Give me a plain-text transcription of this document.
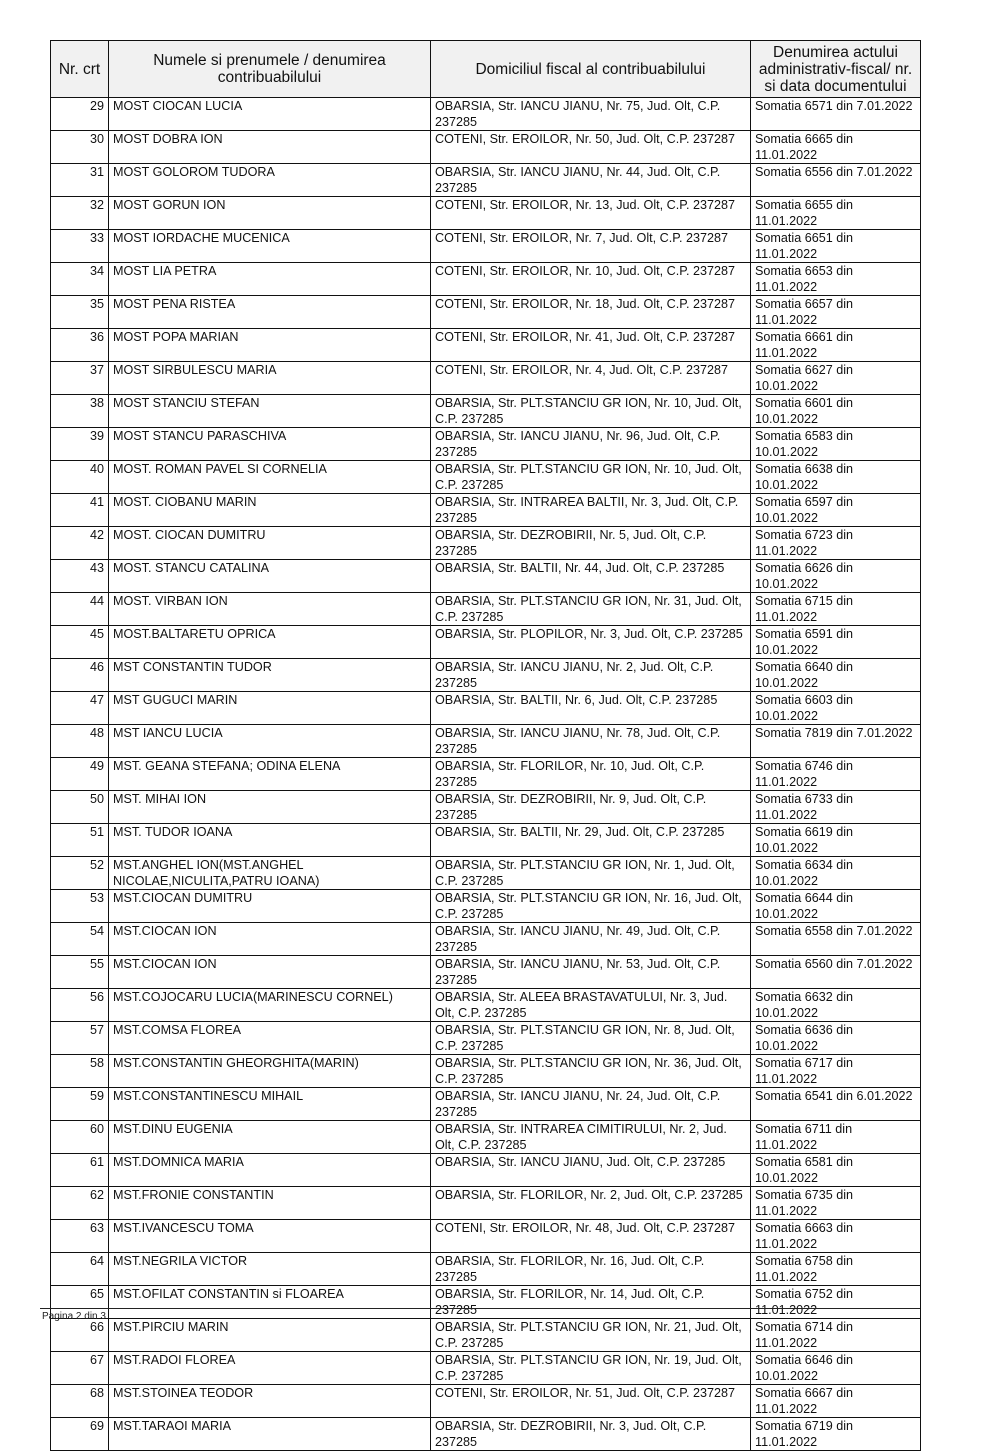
Nr. crt	Numele si prenumele / denumirea contribuabilului	Domiciliul fiscal al contribuabilului	Denumirea actului administrativ-fiscal/ nr. si data documentului
29	MOST CIOCAN LUCIA	OBARSIA, Str. IANCU JIANU, Nr. 75, Jud. Olt, C.P. 237285	Somatia 6571 din 7.01.2022
30	MOST DOBRA ION	COTENI, Str. EROILOR, Nr. 50, Jud. Olt, C.P. 237287	Somatia 6665 din 11.01.2022
31	MOST GOLOROM TUDORA	OBARSIA, Str. IANCU JIANU, Nr. 44, Jud. Olt, C.P. 237285	Somatia 6556 din 7.01.2022
32	MOST GORUN ION	COTENI, Str. EROILOR, Nr. 13, Jud. Olt, C.P. 237287	Somatia 6655 din 11.01.2022
33	MOST IORDACHE MUCENICA	COTENI, Str. EROILOR, Nr. 7, Jud. Olt, C.P. 237287	Somatia 6651 din 11.01.2022
34	MOST LIA PETRA	COTENI, Str. EROILOR, Nr. 10, Jud. Olt, C.P. 237287	Somatia 6653 din 11.01.2022
35	MOST PENA RISTEA	COTENI, Str. EROILOR, Nr. 18, Jud. Olt, C.P. 237287	Somatia 6657 din 11.01.2022
36	MOST POPA MARIAN	COTENI, Str. EROILOR, Nr. 41, Jud. Olt, C.P. 237287	Somatia 6661 din 11.01.2022
37	MOST SIRBULESCU MARIA	COTENI, Str. EROILOR, Nr. 4, Jud. Olt, C.P. 237287	Somatia 6627 din 10.01.2022
38	MOST STANCIU STEFAN	OBARSIA, Str. PLT.STANCIU GR ION, Nr. 10, Jud. Olt, C.P. 237285	Somatia 6601 din 10.01.2022
39	MOST STANCU PARASCHIVA	OBARSIA, Str. IANCU JIANU, Nr. 96, Jud. Olt, C.P. 237285	Somatia 6583 din 10.01.2022
40	MOST. ROMAN PAVEL SI CORNELIA	OBARSIA, Str. PLT.STANCIU GR ION, Nr. 10, Jud. Olt, C.P. 237285	Somatia 6638 din 10.01.2022
41	MOST. CIOBANU MARIN	OBARSIA, Str. INTRAREA BALTII, Nr. 3, Jud. Olt, C.P. 237285	Somatia 6597 din 10.01.2022
42	MOST. CIOCAN DUMITRU	OBARSIA, Str. DEZROBIRII, Nr. 5, Jud. Olt, C.P. 237285	Somatia 6723 din 11.01.2022
43	MOST. STANCU CATALINA	OBARSIA, Str. BALTII, Nr. 44, Jud. Olt, C.P. 237285	Somatia 6626 din 10.01.2022
44	MOST. VIRBAN ION	OBARSIA, Str. PLT.STANCIU GR ION, Nr. 31, Jud. Olt, C.P. 237285	Somatia 6715 din 11.01.2022
45	MOST.BALTARETU OPRICA	OBARSIA, Str. PLOPILOR, Nr. 3, Jud. Olt, C.P. 237285	Somatia 6591 din 10.01.2022
46	MST CONSTANTIN TUDOR	OBARSIA, Str. IANCU JIANU, Nr. 2, Jud. Olt, C.P. 237285	Somatia 6640 din 10.01.2022
47	MST GUGUCI MARIN	OBARSIA, Str. BALTII, Nr. 6, Jud. Olt, C.P. 237285	Somatia 6603 din 10.01.2022
48	MST IANCU LUCIA	OBARSIA, Str. IANCU JIANU, Nr. 78, Jud. Olt, C.P. 237285	Somatia 7819 din 7.01.2022
49	MST. GEANA STEFANA; ODINA ELENA	OBARSIA, Str. FLORILOR, Nr. 10, Jud. Olt, C.P. 237285	Somatia 6746 din 11.01.2022
50	MST. MIHAI ION	OBARSIA, Str. DEZROBIRII, Nr. 9, Jud. Olt, C.P. 237285	Somatia 6733 din 11.01.2022
51	MST. TUDOR IOANA	OBARSIA, Str. BALTII, Nr. 29, Jud. Olt, C.P. 237285	Somatia 6619 din 10.01.2022
52	MST.ANGHEL ION(MST.ANGHEL NICOLAE,NICULITA,PATRU IOANA)	OBARSIA, Str. PLT.STANCIU GR ION, Nr. 1, Jud. Olt, C.P. 237285	Somatia 6634 din 10.01.2022
53	MST.CIOCAN DUMITRU	OBARSIA, Str. PLT.STANCIU GR ION, Nr. 16, Jud. Olt, C.P. 237285	Somatia 6644 din 10.01.2022
54	MST.CIOCAN ION	OBARSIA, Str. IANCU JIANU, Nr. 49, Jud. Olt, C.P. 237285	Somatia 6558 din 7.01.2022
55	MST.CIOCAN ION	OBARSIA, Str. IANCU JIANU, Nr. 53, Jud. Olt, C.P. 237285	Somatia 6560 din 7.01.2022
56	MST.COJOCARU LUCIA(MARINESCU CORNEL)	OBARSIA, Str. ALEEA BRASTAVATULUI, Nr. 3, Jud. Olt, C.P. 237285	Somatia 6632 din 10.01.2022
57	MST.COMSA FLOREA	OBARSIA, Str. PLT.STANCIU GR ION, Nr. 8, Jud. Olt, C.P. 237285	Somatia 6636 din 10.01.2022
58	MST.CONSTANTIN GHEORGHITA(MARIN)	OBARSIA, Str. PLT.STANCIU GR ION, Nr. 36, Jud. Olt, C.P. 237285	Somatia 6717 din 11.01.2022
59	MST.CONSTANTINESCU MIHAIL	OBARSIA, Str. IANCU JIANU, Nr. 24, Jud. Olt, C.P. 237285	Somatia 6541 din 6.01.2022
60	MST.DINU EUGENIA	OBARSIA, Str. INTRAREA CIMITIRULUI, Nr. 2, Jud. Olt, C.P. 237285	Somatia 6711 din 11.01.2022
61	MST.DOMNICA MARIA	OBARSIA, Str. IANCU JIANU, Jud. Olt, C.P. 237285	Somatia 6581 din 10.01.2022
62	MST.FRONIE CONSTANTIN	OBARSIA, Str. FLORILOR, Nr. 2, Jud. Olt, C.P. 237285	Somatia 6735 din 11.01.2022
63	MST.IVANCESCU TOMA	COTENI, Str. EROILOR, Nr. 48, Jud. Olt, C.P. 237287	Somatia 6663 din 11.01.2022
64	MST.NEGRILA VICTOR	OBARSIA, Str. FLORILOR, Nr. 16, Jud. Olt, C.P. 237285	Somatia 6758 din 11.01.2022
65	MST.OFILAT CONSTANTIN si FLOAREA	OBARSIA, Str. FLORILOR, Nr. 14, Jud. Olt, C.P. 237285	Somatia 6752 din 11.01.2022
66	MST.PIRCIU MARIN	OBARSIA, Str. PLT.STANCIU GR ION, Nr. 21, Jud. Olt, C.P. 237285	Somatia 6714 din 11.01.2022
67	MST.RADOI FLOREA	OBARSIA, Str. PLT.STANCIU GR ION, Nr. 19, Jud. Olt, C.P. 237285	Somatia 6646 din 10.01.2022
68	MST.STOINEA TEODOR	COTENI, Str. EROILOR, Nr. 51, Jud. Olt, C.P. 237287	Somatia 6667 din 11.01.2022
69	MST.TARAOI MARIA	OBARSIA, Str. DEZROBIRII, Nr. 3, Jud. Olt, C.P. 237285	Somatia 6719 din 11.01.2022
Pagina 2 din 3
